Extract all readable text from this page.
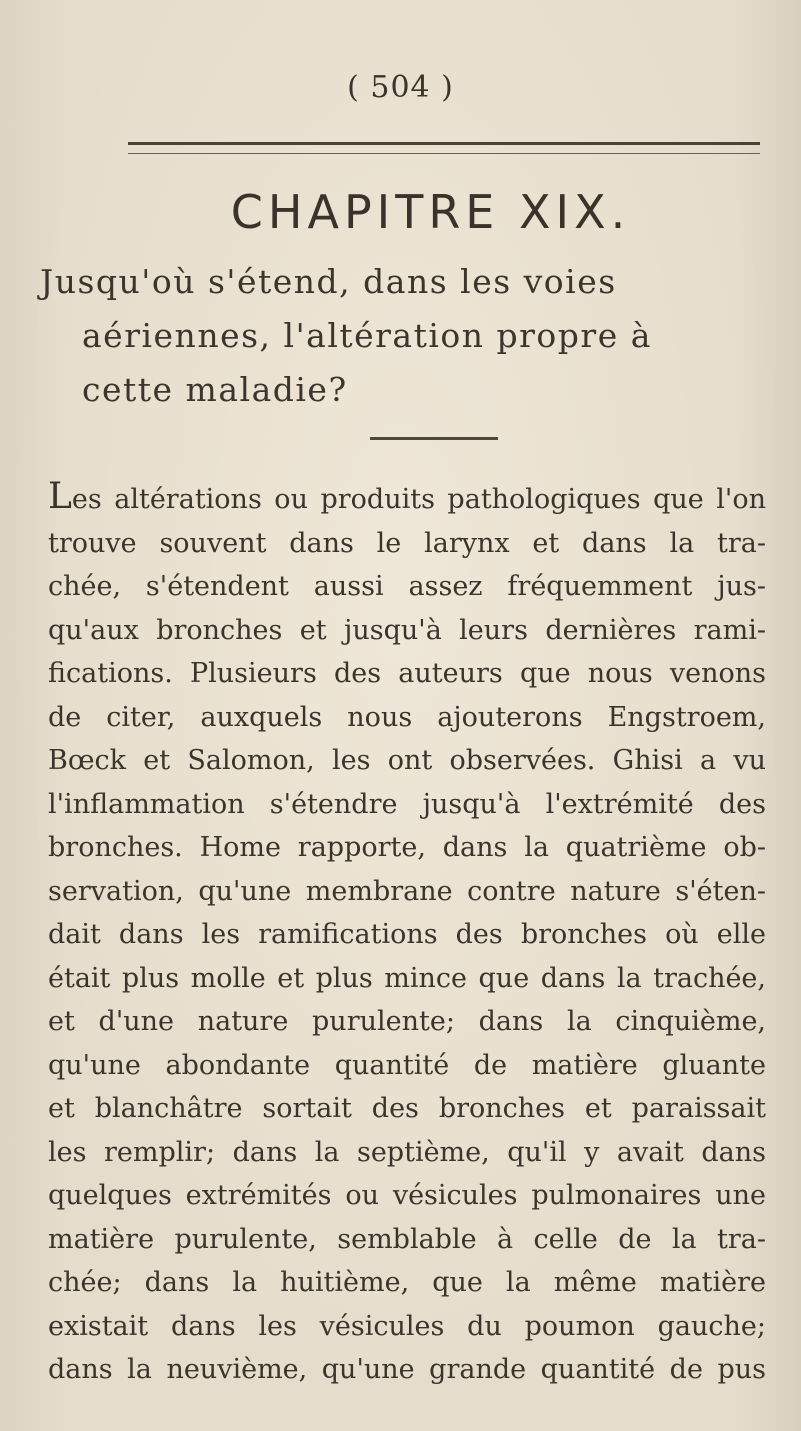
( 504 )
CHAPITRE XIX.
Jusqu'où s'étend, dans les voies
aériennes, l'altération propre à
cette maladie?
Les altérations ou produits pathologiques que l'on
trouve souvent dans le larynx et dans la tra-
chée, s'étendent aussi assez fréquemment jus-
qu'aux bronches et jusqu'à leurs dernières rami-
fications. Plusieurs des auteurs que nous venons
de citer, auxquels nous ajouterons Engstroem,
Bœck et Salomon, les ont observées. Ghisi a vu
l'inflammation s'étendre jusqu'à l'extrémité des
bronches. Home rapporte, dans la quatrième ob-
servation, qu'une membrane contre nature s'éten-
dait dans les ramifications des bronches où elle
était plus molle et plus mince que dans la trachée,
et d'une nature purulente; dans la cinquième,
qu'une abondante quantité de matière gluante
et blanchâtre sortait des bronches et paraissait
les remplir; dans la septième, qu'il y avait dans
quelques extrémités ou vésicules pulmonaires une
matière purulente, semblable à celle de la tra-
chée; dans la huitième, que la même matière
existait dans les vésicules du poumon gauche;
dans la neuvième, qu'une grande quantité de pus
